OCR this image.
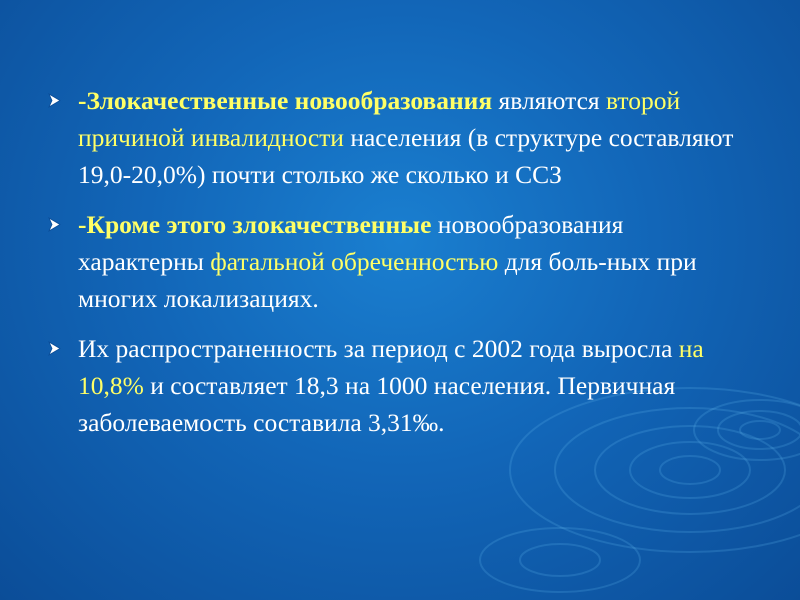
-Злокачественные новообразования являются второй причиной инвалидности населения (в структуре составляют 19,0-20,0%) почти столько же сколько и ССЗ
-Кроме этого злокачественные новообразования характерны фатальной обреченностью для боль-ных при многих локализациях.
Их распространенность за период с 2002 года выросла на 10,8% и составляет 18,3 на 1000 населения. Первичная заболеваемость составила 3,31‰.
